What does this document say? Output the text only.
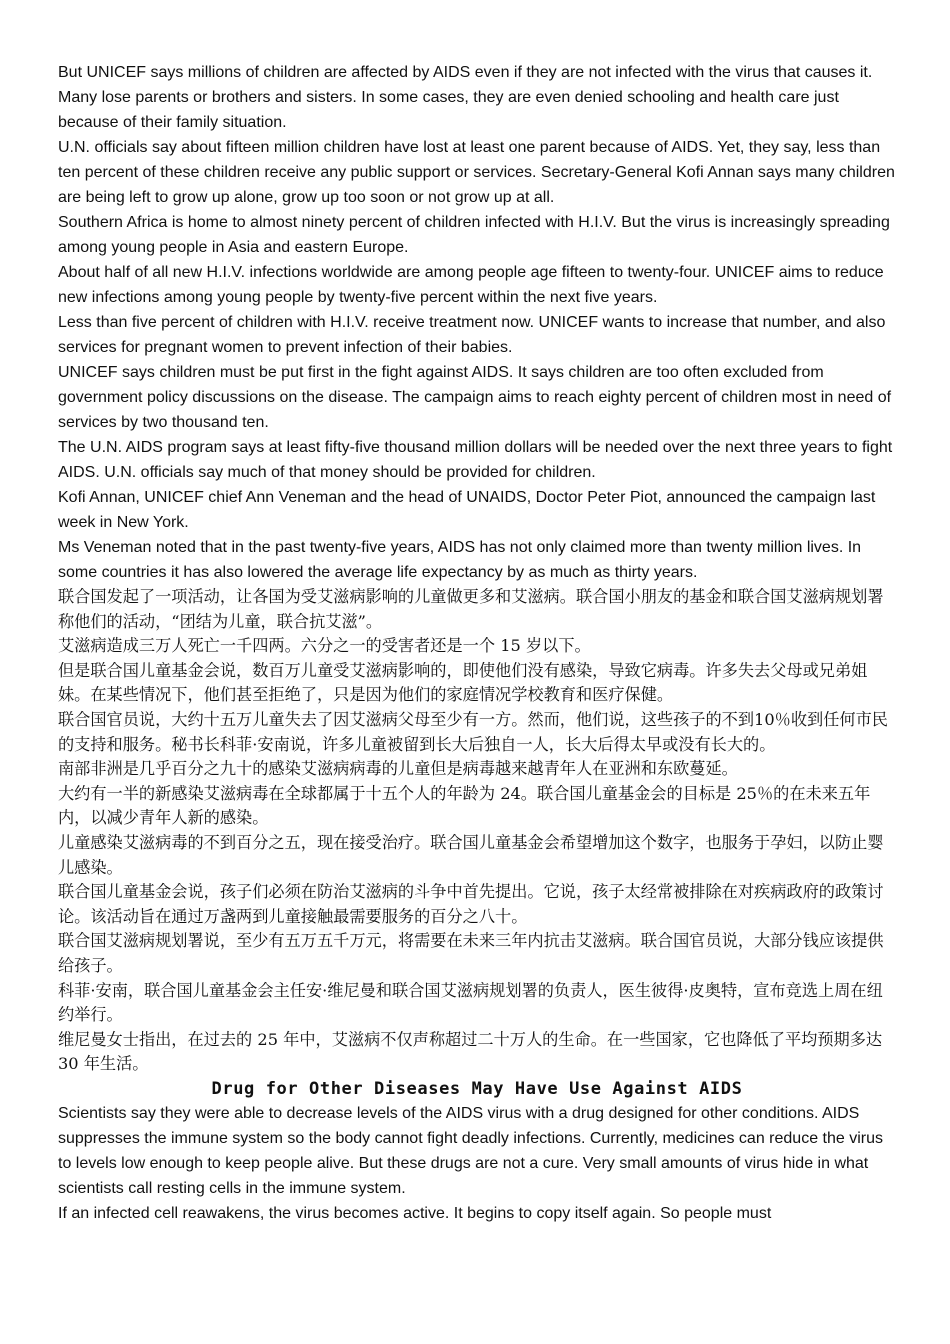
But UNICEF says millions of children are affected by AIDS even if they are not infected with the virus that causes it. Many lose parents or brothers and sisters. In some cases, they are even denied schooling and health care just because of their family situation.

U.N. officials say about fifteen million children have lost at least one parent because of AIDS. Yet, they say, less than ten percent of these children receive any public support or services. Secretary-General Kofi Annan says many children are being left to grow up alone, grow up too soon or not grow up at all.

Southern Africa is home to almost ninety percent of children infected with H.I.V. But the virus is increasingly spreading among young people in Asia and eastern Europe.

About half of all new H.I.V. infections worldwide are among people age fifteen to twenty-four. UNICEF aims to reduce new infections among young people by twenty-five percent within the next five years.

Less than five percent of children with H.I.V. receive treatment now. UNICEF wants to increase that number, and also services for pregnant women to prevent infection of their babies.

UNICEF says children must be put first in the fight against AIDS. It says children are too often excluded from government policy discussions on the disease. The campaign aims to reach eighty percent of children most in need of services by two thousand ten.

The U.N. AIDS program says at least fifty-five thousand million dollars will be needed over the next three years to fight AIDS. U.N. officials say much of that money should be provided for children.

Kofi Annan, UNICEF chief Ann Veneman and the head of UNAIDS, Doctor Peter Piot, announced the campaign last week in New York.

Ms Veneman noted that in the past twenty-five years, AIDS has not only claimed more than twenty million lives. In some countries it has also lowered the average life expectancy by as much as thirty years.

联合国发起了一项活动，让各国为受艾滋病影响的儿童做更多和艾滋病。联合国小朋友的基金和联合国艾滋病规划署称他们的活动，“团结为儿童，联合抗艾滋”。

艾滋病造成三万人死亡一千四两。六分之一的受害者还是一个 15 岁以下。

但是联合国儿童基金会说，数百万儿童受艾滋病影响的，即使他们没有感染，导致它病毒。许多失去父母或兄弟姐妹。在某些情况下，他们甚至拒绝了，只是因为他们的家庭情况学校教育和医疗保健。

联合国官员说，大约十五万儿童失去了因艾滋病父母至少有一方。然而，他们说，这些孩子的不到10％收到任何市民的支持和服务。秘书长科菲·安南说，许多儿童被留到长大后独自一人，长大后得太早或没有长大的。

南部非洲是几乎百分之九十的感染艾滋病病毒的儿童但是病毒越来越青年人在亚洲和东欧蔓延。

大约有一半的新感染艾滋病毒在全球都属于十五个人的年龄为 24。联合国儿童基金会的目标是 25％的在未来五年内，以减少青年人新的感染。

儿童感染艾滋病毒的不到百分之五，现在接受治疗。联合国儿童基金会希望增加这个数字，也服务于孕妇，以防止婴儿感染。

联合国儿童基金会说，孩子们必须在防治艾滋病的斗争中首先提出。它说，孩子太经常被排除在对疾病政府的政策讨论。该活动旨在通过万盏两到儿童接触最需要服务的百分之八十。

联合国艾滋病规划署说，至少有五万五千万元，将需要在未来三年内抗击艾滋病。联合国官员说，大部分钱应该提供给孩子。

科菲·安南，联合国儿童基金会主任安·维尼曼和联合国艾滋病规划署的负责人，医生彼得·皮奥特，宣布竞选上周在纽约举行。

维尼曼女士指出，在过去的 25 年中，艾滋病不仅声称超过二十万人的生命。在一些国家，它也降低了平均预期多达 30 年生活。

Drug for Other Diseases May Have Use Against AIDS

Scientists say they were able to decrease levels of the AIDS virus with a drug designed for other conditions. AIDS suppresses the immune system so the body cannot fight deadly infections. Currently, medicines can reduce the virus to levels low enough to keep people alive. But these drugs are not a cure. Very small amounts of virus hide in what scientists call resting cells in the immune system.

If an infected cell reawakens, the virus becomes active. It begins to copy itself again. So people must
